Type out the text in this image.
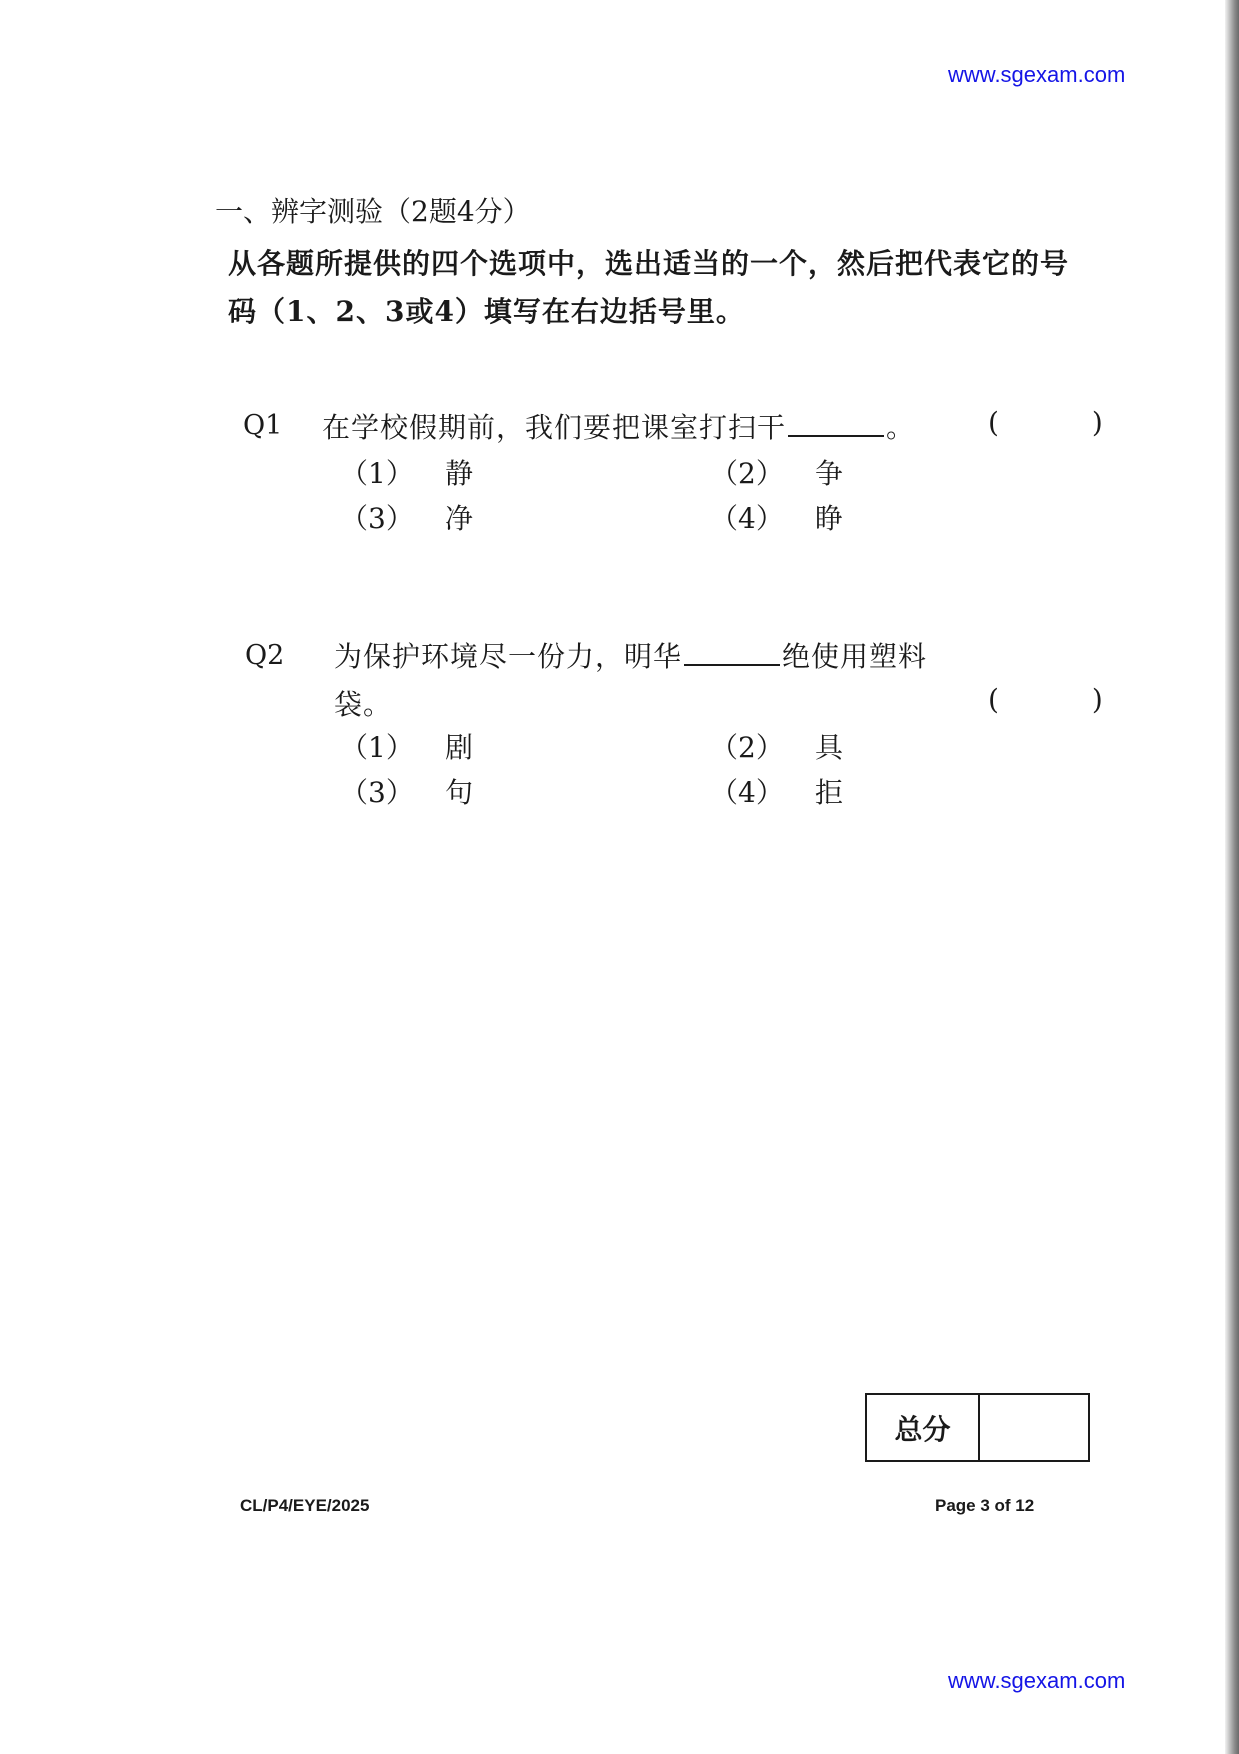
www.sgexam.com
一、辨字测验（2题4分）
从各题所提供的四个选项中，选出适当的一个，然后把代表它的号码（1、2、3或4）填写在右边括号里。
Q1 在学校假期前，我们要把课室打扫干	。	( )
（1） 静	（2） 争
（3） 净	（4） 睁
Q2 为保护环境尽一份力，明华	绝使用塑料
袋。	( )
（1） 剧	（2） 具
（3） 句	（4） 拒
总分
CL/P4/EYE/2025	Page 3 of 12
www.sgexam.com
